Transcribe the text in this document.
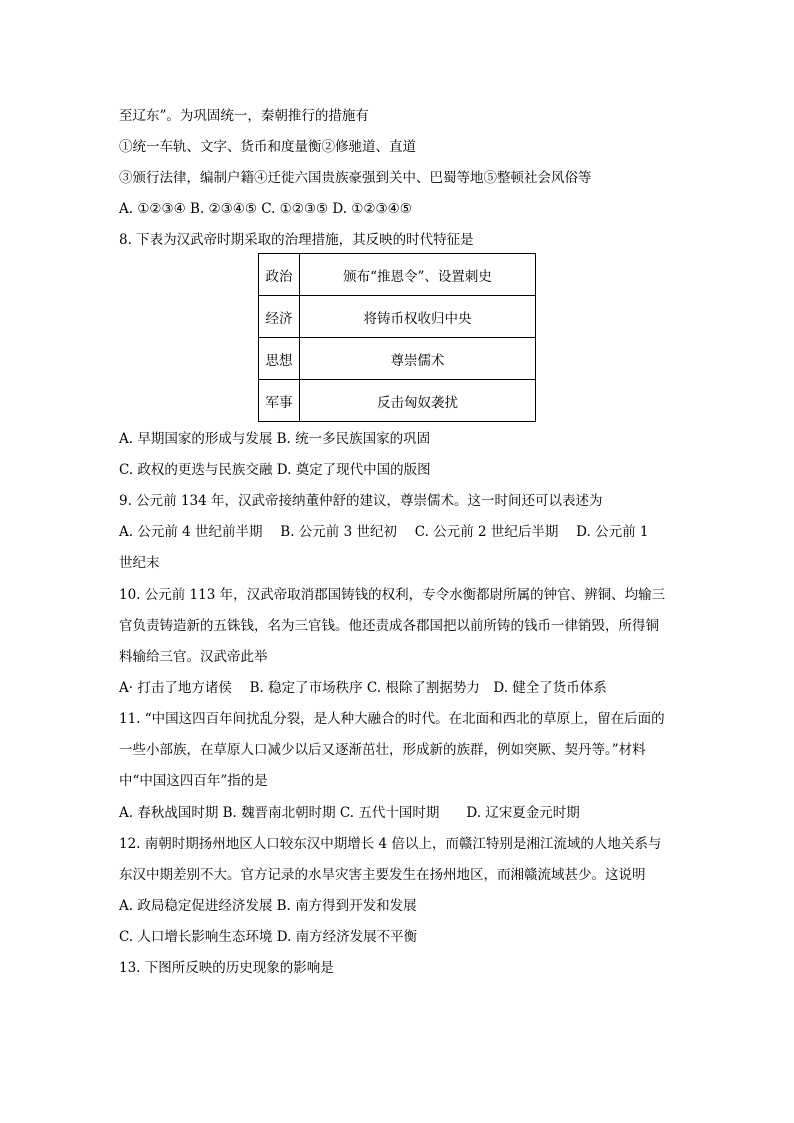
至辽东”。为巩固统一，秦朝推行的措施有
①统一车轨、文字、货币和度量衡②修驰道、直道
③颁行法律，编制户籍④迁徙六国贵族豪强到关中、巴蜀等地⑤整顿社会风俗等
A. ①②③④ B. ②③④⑤ C. ①②③⑤ D. ①②③④⑤
8. 下表为汉武帝时期采取的治理措施，其反映的时代特征是
政治	颁布“推恩令”、设置刺史
经济	将铸币权收归中央
思想	尊崇儒术
军事	反击匈奴袭扰
A. 早期国家的形成与发展 B. 统一多民族国家的巩固
C. 政权的更迭与民族交融 D. 奠定了现代中国的版图
9. 公元前 134 年，汉武帝接纳董仲舒的建议，尊崇儒术。这一时间还可以表述为
A. 公元前 4 世纪前半期　 B. 公元前 3 世纪初　 C. 公元前 2 世纪后半期　 D. 公元前 1
世纪末
10. 公元前 113 年，汉武帝取消郡国铸钱的权利，专令水衡都尉所属的钟官、辨铜、均输三
官负责铸造新的五铢钱，名为三官钱。他还责成各郡国把以前所铸的钱币一律销毁，所得铜
料输给三官。汉武帝此举
A· 打击了地方诸侯　 B. 稳定了市场秩序 C. 根除了割据势力　D. 健全了货币体系
11. “中国这四百年间扰乱分裂，是人种大融合的时代。在北面和西北的草原上，留在后面的
一些小部族，在草原人口减少以后又逐渐茁壮，形成新的族群，例如突厥、契丹等。”材料
中“中国这四百年”指的是
A. 春秋战国时期 B. 魏晋南北朝时期 C. 五代十国时期　　D. 辽宋夏金元时期
12. 南朝时期扬州地区人口较东汉中期增长 4 倍以上，而赣江特别是湘江流域的人地关系与
东汉中期差别不大。官方记录的水旱灾害主要发生在扬州地区，而湘赣流域甚少。这说明
A. 政局稳定促进经济发展 B. 南方得到开发和发展
C. 人口增长影响生态环境 D. 南方经济发展不平衡
13. 下图所反映的历史现象的影响是
